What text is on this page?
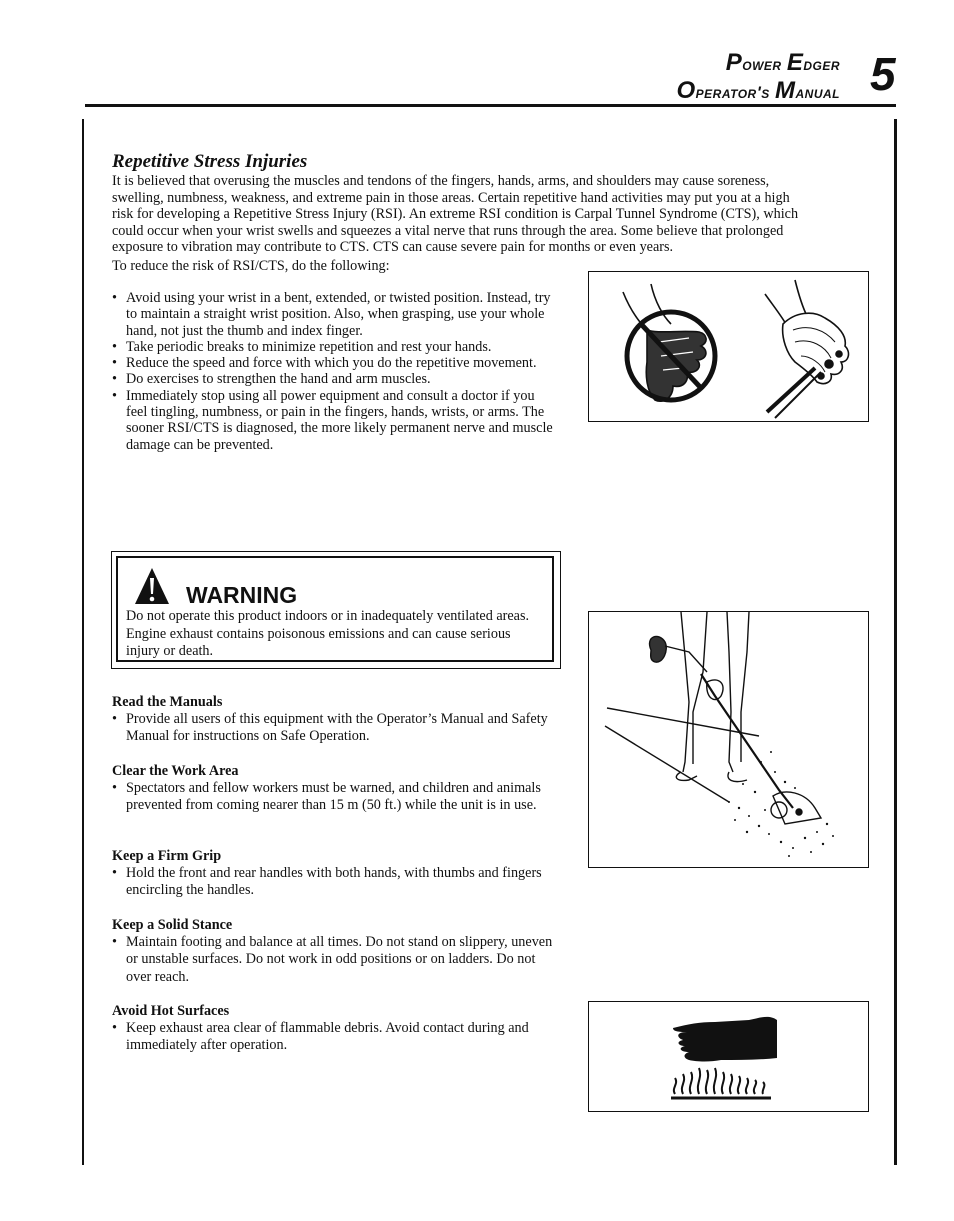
Power Edger
Operator's Manual 5
Repetitive Stress Injuries

It is believed that overusing the muscles and tendons of the fingers, hands, arms, and shoulders may cause soreness,

swelling, numbness, weakness, and extreme pain in those areas. Certain repetitive hand activities may put you at a high

risk for developing a Repetitive Stress Injury (RSI). An extreme RSI condition is Carpal Tunnel Syndrome (CTS), which

could occur when your wrist swells and squeezes a vital nerve that runs through the area. Some believe that prolonged

exposure to vibration may contribute to CTS. CTS can cause severe pain for months or even years.

To reduce the risk of RSI/CTS, do the following:

• Avoid using your wrist in a bent, extended, or twisted position. Instead, try to maintain a straight wrist position. Also, when grasping, use your whole hand, not just the thumb and index finger.
• Take periodic breaks to minimize repetition and rest your hands.
• Reduce the speed and force with which you do the repetitive movement.
• Do exercises to strengthen the hand and arm muscles.
• Immediately stop using all power equipment and consult a doctor if you feel tingling, numbness, or pain in the fingers, hands, wrists, or arms. The sooner RSI/CTS is diagnosed, the more likely permanent nerve and muscle damage can be prevented.
WARNING
Do not operate this product indoors or in inadequately ventilated areas. Engine exhaust contains poisonous emissions and can cause serious injury or death.
Read the Manuals
• Provide all users of this equipment with the Operator’s Manual and Safety Manual for instructions on Safe Operation.
Clear the Work Area
• Spectators and fellow workers must be warned, and children and animals prevented from coming nearer than 15 m (50 ft.) while the unit is in use.
Keep a Firm Grip
• Hold the front and rear handles with both hands, with thumbs and fingers encircling the handles.
Keep a Solid Stance
• Maintain footing and balance at all times. Do not stand on slippery, uneven or unstable surfaces. Do not work in odd positions or on ladders. Do not over reach.
Avoid Hot Surfaces
• Keep exhaust area clear of flammable debris. Avoid contact during and immediately after operation.
